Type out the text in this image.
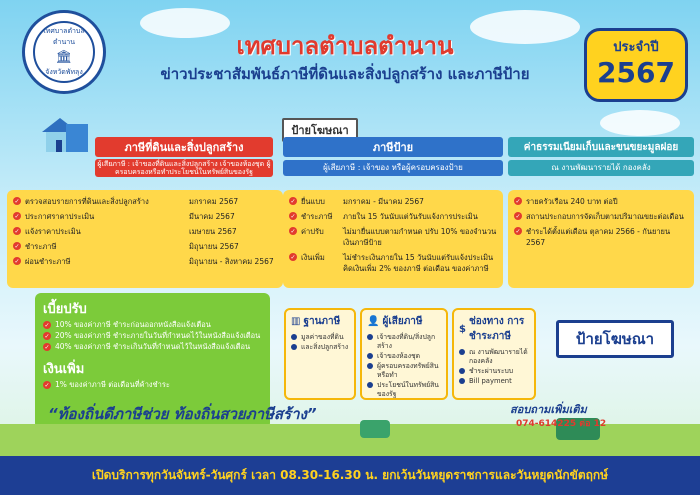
เทศบาลตำบลตำนาน
🏛
จังหวัดพัทลุง
เทศบาลตำบลตำนาน
ข่าวประชาสัมพันธ์ภาษีที่ดินและสิ่งปลูกสร้าง และภาษีป้าย
ประจำปี
2567
ป้ายโฆษณา
ภาษีที่ดินและสิ่งปลูกสร้าง	ภาษีป้าย	ค่าธรรมเนียมเก็บและขนขยะมูลฝอย
ผู้เสียภาษี : เจ้าของที่ดินและสิ่งปลูกสร้าง เจ้าของห้องชุด ผู้ครอบครองหรือทำประโยชน์ในทรัพย์สินของรัฐ	ผู้เสียภาษี : เจ้าของ หรือผู้ครอบครองป้าย	ณ งานพัฒนารายได้ กองคลัง
✓ ตรวจสอบรายการที่ดินและสิ่งปลูกสร้าง	มกราคม 2567
✓ ประกาศราคาประเมิน	มีนาคม 2567
✓ แจ้งราคาประเมิน	เมษายน 2567
✓ ชำระภาษี	มิถุนายน 2567
✓ ผ่อนชำระภาษี	มิถุนายน - สิงหาคม 2567
✓ ยื่นแบบ	มกราคม - มีนาคม 2567
✓ ชำระภาษี	ภายใน 15 วันนับแต่วันรับแจ้งการประเมิน
✓ ค่าปรับ	ไม่มายื่นแบบตามกำหนด ปรับ 10% ของจำนวนเงินภาษีป้าย
✓ เงินเพิ่ม	ไม่ชำระเงินภายใน 15 วันนับแต่รับแจ้งประเมิน คิดเงินเพิ่ม 2% ของภาษี ต่อเดือน ของค่าภาษี
✓ รายครัวเรือน 240 บาท ต่อปี
✓ สถานประกอบการจัดเก็บตามปริมาณขยะต่อเดือน
✓ ชำระได้ตั้งแต่เดือน ตุลาคม 2566 - กันยายน 2567
เบี้ยปรับ
✓ 10% ของค่าภาษี ชำระก่อนออกหนังสือแจ้งเตือน
✓ 20% ของค่าภาษี ชำระภายในวันที่กำหนดไว้ในหนังสือแจ้งเตือน
✓ 40% ของค่าภาษี ชำระเกินวันที่กำหนดไว้ในหนังสือแจ้งเตือน
เงินเพิ่ม
✓ 1% ของค่าภาษี ต่อเดือนที่ค้างชำระ
▥ ฐานภาษี
มูลค่าของที่ดิน
และสิ่งปลูกสร้าง
👤 ผู้เสียภาษี
เจ้าของที่ดิน/สิ่งปลูกสร้าง
เจ้าของห้องชุด
ผู้ครอบครองทรัพย์สินหรือทำ
ประโยชน์ในทรัพย์สินของรัฐ
$
ช่องทาง การชำระภาษี
ณ งานพัฒนารายได้ กองคลัง
ชำระผ่านระบบ
Bill payment
ป้ายโฆษณา
“ท้องถิ่นดีภาษีช่วย ท้องถิ่นสวยภาษีสร้าง”	สอบถามเพิ่มเติม
074-614225 ต่อ 12
เปิดบริการทุกวันจันทร์-วันศุกร์ เวลา 08.30-16.30 น. ยกเว้นวันหยุดราชการและวันหยุดนักขัตฤกษ์
